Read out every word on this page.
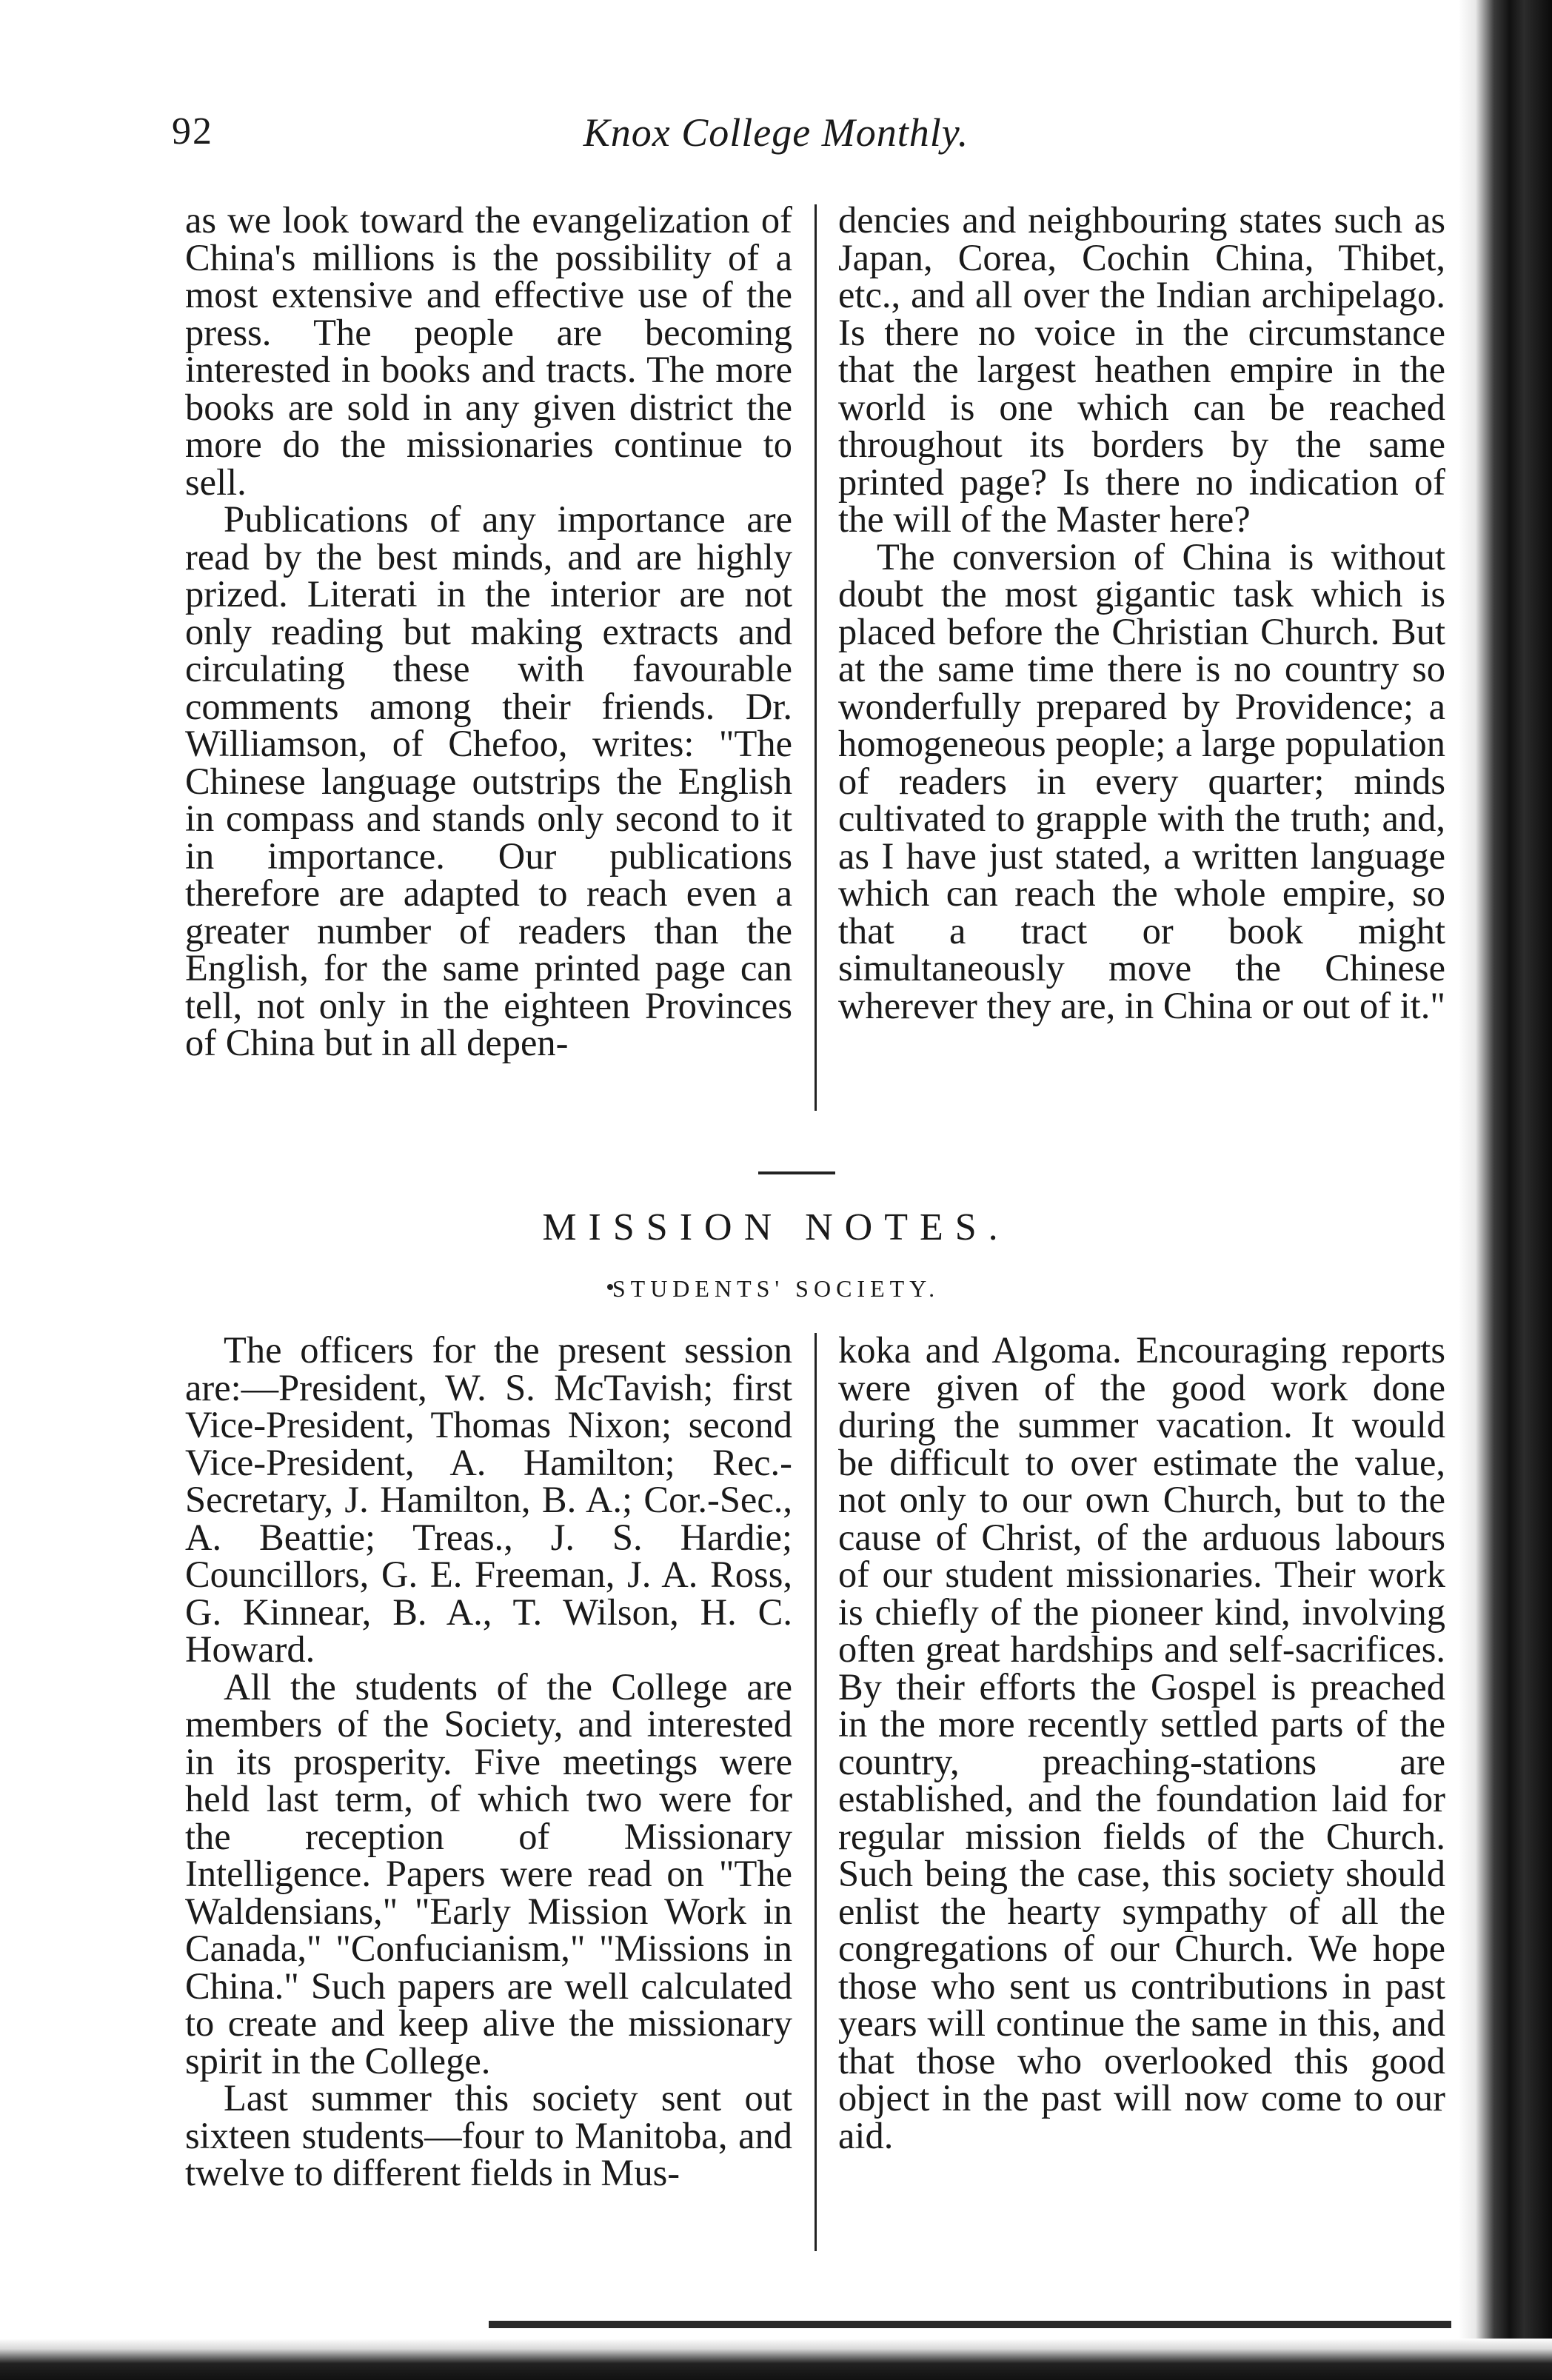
92	Knox College Monthly.

as we look toward the evangelization of China's millions is the possibility of a most extensive and effective use of the press. The people are becoming interested in books and tracts. The more books are sold in any given district the more do the missionaries continue to sell.

Publications of any importance are read by the best minds, and are highly prized. Literati in the interior are not only reading but making extracts and circulating these with favourable comments among their friends. Dr. Williamson, of Chefoo, writes: "The Chinese language outstrips the English in compass and stands only second to it in importance. Our publications therefore are adapted to reach even a greater number of readers than the English, for the same printed page can tell, not only in the eighteen Provinces of China but in all depen-

dencies and neighbouring states such as Japan, Corea, Cochin China, Thibet, etc., and all over the Indian archipelago. Is there no voice in the circumstance that the largest heathen empire in the world is one which can be reached throughout its borders by the same printed page? Is there no indication of the will of the Master here?

The conversion of China is without doubt the most gigantic task which is placed before the Christian Church. But at the same time there is no country so wonderfully prepared by Providence; a homogeneous people; a large population of readers in every quarter; minds cultivated to grapple with the truth; and, as I have just stated, a written language which can reach the whole empire, so that a tract or book might simultaneously move the Chinese wherever they are, in China or out of it."

MISSION NOTES.
STUDENTS' SOCIETY.

The officers for the present session are:—President, W. S. McTavish; first Vice-President, Thomas Nixon; second Vice-President, A. Hamilton; Rec.-Secretary, J. Hamilton, B. A.; Cor.-Sec., A. Beattie; Treas., J. S. Hardie; Councillors, G. E. Freeman, J. A. Ross, G. Kinnear, B. A., T. Wilson, H. C. Howard.

All the students of the College are members of the Society, and interested in its prosperity. Five meetings were held last term, of which two were for the reception of Missionary Intelligence. Papers were read on "The Waldensians," "Early Mission Work in Canada," "Confucianism," "Missions in China." Such papers are well calculated to create and keep alive the missionary spirit in the College.

Last summer this society sent out sixteen students—four to Manitoba, and twelve to different fields in Mus-

koka and Algoma. Encouraging reports were given of the good work done during the summer vacation. It would be difficult to over estimate the value, not only to our own Church, but to the cause of Christ, of the arduous labours of our student missionaries. Their work is chiefly of the pioneer kind, involving often great hardships and self-sacrifices. By their efforts the Gospel is preached in the more recently settled parts of the country, preaching-stations are established, and the foundation laid for regular mission fields of the Church. Such being the case, this society should enlist the hearty sympathy of all the congregations of our Church. We hope those who sent us contributions in past years will continue the same in this, and that those who overlooked this good object in the past will now come to our aid.
